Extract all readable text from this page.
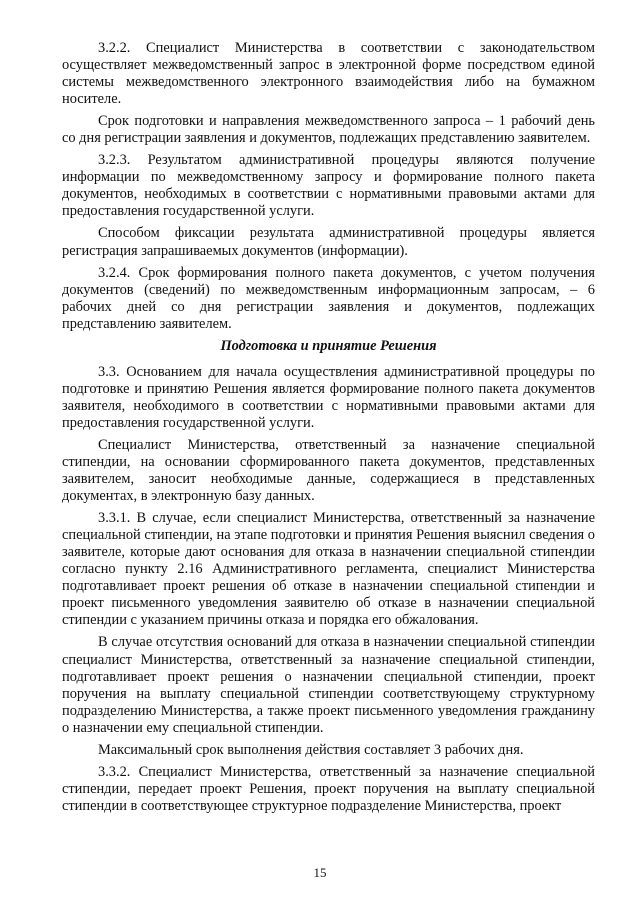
3.2.2. Специалист Министерства в соответствии с законодательством осуществляет межведомственный запрос в электронной форме посредством единой системы межведомственного электронного взаимодействия либо на бумажном носителе.

Срок подготовки и направления межведомственного запроса – 1 рабочий день со дня регистрации заявления и документов, подлежащих представлению заявителем.

3.2.3. Результатом административной процедуры являются получение информации по межведомственному запросу и формирование полного пакета документов, необходимых в соответствии с нормативными правовыми актами для предоставления государственной услуги.

Способом фиксации результата административной процедуры является регистрация запрашиваемых документов (информации).

3.2.4. Срок формирования полного пакета документов, с учетом получения документов (сведений) по межведомственным информационным запросам, – 6 рабочих дней со дня регистрации заявления и документов, подлежащих представлению заявителем.

Подготовка и принятие Решения

3.3. Основанием для начала осуществления административной процедуры по подготовке и принятию Решения является формирование полного пакета документов заявителя, необходимого в соответствии с нормативными правовыми актами для предоставления государственной услуги.

Специалист Министерства, ответственный за назначение специальной стипендии, на основании сформированного пакета документов, представленных заявителем, заносит необходимые данные, содержащиеся в представленных документах, в электронную базу данных.

3.3.1. В случае, если специалист Министерства, ответственный за назначение специальной стипендии, на этапе подготовки и принятия Решения выяснил сведения о заявителе, которые дают основания для отказа в назначении специальной стипендии согласно пункту 2.16 Административного регламента, специалист Министерства подготавливает проект решения об отказе в назначении специальной стипендии и проект письменного уведомления заявителю об отказе в назначении специальной стипендии с указанием причины отказа и порядка его обжалования.

В случае отсутствия оснований для отказа в назначении специальной стипендии специалист Министерства, ответственный за назначение специальной стипендии, подготавливает проект решения о назначении специальной стипендии, проект поручения на выплату специальной стипендии соответствующему структурному подразделению Министерства, а также проект письменного уведомления гражданину о назначении ему специальной стипендии.

Максимальный срок выполнения действия составляет 3 рабочих дня.

3.3.2. Специалист Министерства, ответственный за назначение специальной стипендии, передает проект Решения, проект поручения на выплату специальной стипендии в соответствующее структурное подразделение Министерства, проект

15
